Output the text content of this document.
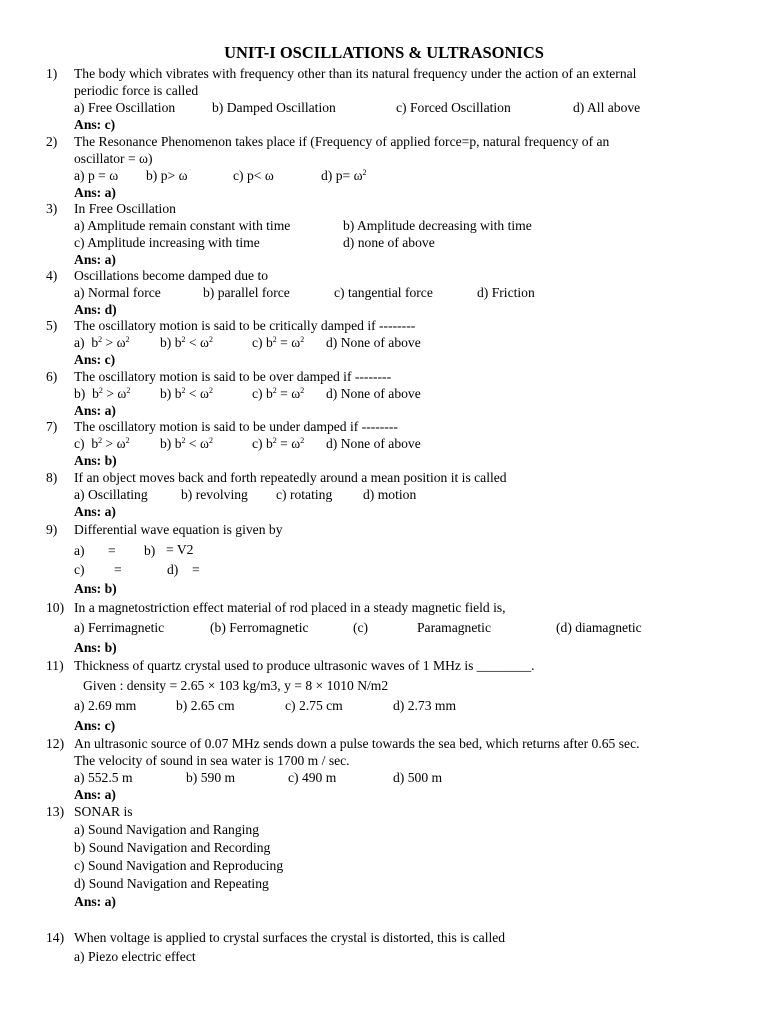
UNIT-I OSCILLATIONS & ULTRASONICS
1) The body which vibrates with frequency other than its natural frequency under the action of an external
periodic force is called
a) Free Oscillation	b) Damped Oscillation	c) Forced Oscillation	d) All above
Ans: c)
2) The Resonance Phenomenon takes place if (Frequency of applied force=p, natural frequency of an
oscillator = ω)
a) p = ω b) p> ω	c) p< ω	d) $p= \omega^2$
Ans: a)
3) In Free Oscillation
a) Amplitude remain constant with time	b) Amplitude decreasing with time
c) Amplitude increasing with time	d) none of above
Ans: a)
4) Oscillations become damped due to
a) Normal force	b) parallel force	c) tangential force	d) Friction
Ans: d)
5) The oscillatory motion is said to be critically damped if --------
a) $b^2 > \omega^2$ b) $b^2 < \omega^2$	c) $b^2 = \omega^2$ d) None of above
Ans: c)
6) The oscillatory motion is said to be over damped if --------
b) $b^2 > \omega^2$ b) $b^2 < \omega^2$	c) $b^2 = \omega^2$ d) None of above
Ans: a)
7) The oscillatory motion is said to be under damped if --------
c) $b^2 > \omega^2$ b) $b^2 < \omega^2$	c) $b^2 = \omega^2$ d) None of above
Ans: b)
8) If an object moves back and forth repeatedly around a mean position it is called
a) Oscillating b) revolving c) rotating d) motion
Ans: a)
9) Differential wave equation is given by
a) = b) = V2
c) =	d) =
Ans: b)
10) In a magnetostriction effect material of rod placed in a steady magnetic field is,
a) Ferrimagnetic	(b) Ferromagnetic	(c)	Paramagnetic	(d) diamagnetic
Ans: b)
11) Thickness of quartz crystal used to produce ultrasonic waves of 1 MHz is ________.
Given : density = 2.65 × 103 kg/m3, y = 8 × 1010 N/m2
a) 2.69 mm	b) 2.65 cm	c) 2.75 cm	d) 2.73 mm
Ans: c)
12) An ultrasonic source of 0.07 MHz sends down a pulse towards the sea bed, which returns after 0.65 sec.
The velocity of sound in sea water is 1700 m / sec.
a) 552.5 m	b) 590 m	c) 490 m	d) 500 m
Ans: a)
13) SONAR is
a) Sound Navigation and Ranging
b) Sound Navigation and Recording
c) Sound Navigation and Reproducing
d) Sound Navigation and Repeating
Ans: a)
14) When voltage is applied to crystal surfaces the crystal is distorted, this is called
a) Piezo electric effect
